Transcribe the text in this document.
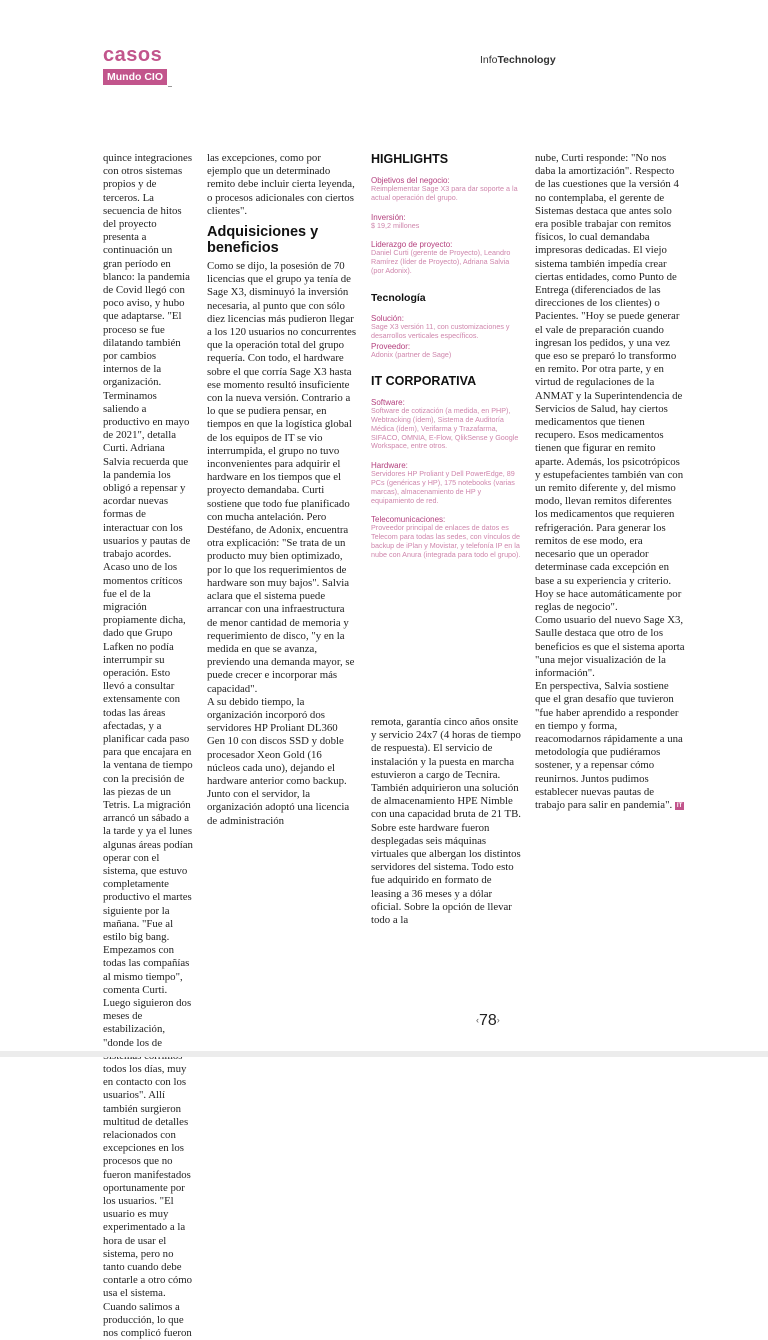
casos
Mundo CIO
InfoTechnology

quince integraciones con otros sistemas propios y de terceros. La secuencia de hitos del proyecto presenta a continuación un gran período en blanco: la pandemia de Covid llegó con poco aviso, y hubo que adaptarse. "El proceso se fue dilatando también por cambios internos de la organización. Terminamos saliendo a productivo en mayo de 2021", detalla Curti. Adriana Salvia recuerda que la pandemia los obligó a repensar y acordar nuevas formas de interactuar con los usuarios y pautas de trabajo acordes.

Acaso uno de los momentos críticos fue el de la migración propiamente dicha, dado que Grupo Lafken no podía interrumpir su operación. Esto llevó a consultar extensamente con todas las áreas afectadas, y a planificar cada paso para que encajara en la ventana de tiempo con la precisión de las piezas de un Tetris. La migración arrancó un sábado a la tarde y ya el lunes algunas áreas podían operar con el sistema, que estuvo completamente productivo el martes siguiente por la mañana. "Fue al estilo big bang. Empezamos con todas las compañías al mismo tiempo", comenta Curti. Luego siguieron dos meses de estabilización, "donde los de todos los días, muy en contacto con los usuarios". Allí también surgieron multitud de detalles relacionados con excepciones en los procesos que no fueron manifestados oportunamente por los usuarios. "El usuario es muy experimentado a la hora de usar el sistema, pero no tanto cuando debe contarle a otro cómo usa el sistema. Cuando salimos a producción, lo que nos complicó fueron

las excepciones, como por ejemplo que un determinado remito debe incluir cierta leyenda, o procesos adicionales con ciertos clientes".

Adquisiciones y beneficios

Como se dijo, la posesión de 70 licencias que el grupo ya tenía de Sage X3, disminuyó la inversión necesaria, al punto que con sólo diez licencias más pudieron llegar a los 120 usuarios no concurrentes que la operación total del grupo requería. Con todo, el hardware sobre el que corría Sage X3 hasta ese momento resultó insuficiente con la nueva versión. Contrario a lo que se pudiera pensar, en tiempos en que la logística global de los equipos de IT se vio interrumpida, el grupo no tuvo inconvenientes para adquirir el hardware en los tiempos que el proyecto demandaba. Curti sostiene que todo fue planificado con mucha antelación. Pero Destéfano, de Adonix, encuentra otra explicación: "Se trata de un producto muy bien optimizado, por lo que los requerimientos de hardware son muy bajos". Salvia aclara que el sistema puede arrancar con una infraestructura de menor cantidad de memoria y requerimiento de disco, "y en la medida en que se avanza, previendo una demanda mayor, se puede crecer e incorporar más capacidad".

A su debido tiempo, la organización incorporó dos servidores HP Proliant DL360 Gen 10 con discos SSD y doble procesador Xeon Gold (16 núcleos cada uno), dejando el hardware anterior como backup. Junto con el servidor, la organización adoptó una licencia de administración

HIGHLIGHTS
Objetivos del negocio:
Reimplementar Sage X3 para dar soporte a la actual operación del grupo.
Inversión:
$ 19,2 millones
Liderazgo de proyecto:
Daniel Curti (gerente de Proyecto), Leandro Ramírez (líder de Proyecto), Adriana Salvia (por Adonix).
Tecnología
Solución:
Sage X3 versión 11, con customizaciones y desarrollos verticales específicos.
Proveedor:
Adonix (partner de Sage)
IT CORPORATIVA
Software:
Software de cotización (a medida, en PHP), Webtracking (ídem), Sistema de Auditoría Médica (ídem), Verifarma y Trazafarma, SIFACO, OMNIA, E-Flow, QlikSense y Google Workspace, entre otros.
Hardware:
Servidores HP Proliant y Dell PowerEdge, 89 PCs (genéricas y HP), 175 notebooks (varias marcas), almacenamiento de HP y equipamiento de red.
Telecomunicaciones:
Proveedor principal de enlaces de datos es Telecom para todas las sedes, con vínculos de backup de iPlan y Movistar, y telefonía IP en la nube con Anura (integrada para todo el grupo).

remota, garantía cinco años onsite y servicio 24x7 (4 horas de tiempo de respuesta). El servicio de instalación y la puesta en marcha estuvieron a cargo de Tecnira. También adquirieron una solución de almacenamiento HPE Nimble con una capacidad bruta de 21 TB. Sobre este hardware fueron desplegadas seis máquinas virtuales que albergan los distintos servidores del sistema. Todo esto fue adquirido en formato de leasing a 36 meses y a dólar oficial. Sobre la opción de llevar todo a la

nube, Curti responde: "No nos daba la amortización". Respecto de las cuestiones que la versión 4 no contemplaba, el gerente de Sistemas destaca que antes solo era posible trabajar con remitos físicos, lo cual demandaba impresoras dedicadas. El viejo sistema también impedía crear ciertas entidades, como Punto de Entrega (diferenciados de las direcciones de los clientes) o Pacientes. "Hoy se puede generar el vale de preparación cuando ingresan los pedidos, y una vez que eso se preparó lo transformo en remito. Por otra parte, y en virtud de regulaciones de la ANMAT y la Superintendencia de Servicios de Salud, hay ciertos medicamentos que tienen recupero. Esos medicamentos tienen que figurar en remito aparte. Además, los psicotrópicos y estupefacientes también van con un remito diferente y, del mismo modo, llevan remitos diferentes los medicamentos que requieren refrigeración. Para generar los remitos de ese modo, era necesario que un operador determinase cada excepción en base a su experiencia y criterio. Hoy se hace automáticamente por reglas de negocio".

Como usuario del nuevo Sage X3, Saulle destaca que otro de los beneficios es que el sistema aporta "una mejor visualización de la información".

En perspectiva, Salvia sostiene que el gran desafío que tuvieron "fue haber aprendido a responder en tiempo y forma, reacomodarnos rápidamente a una metodología que pudiéramos sostener, y a repensar cómo reunirnos. Juntos pudimos establecer nuevas pautas de trabajo para salir en pandemia". IT

‹78›
